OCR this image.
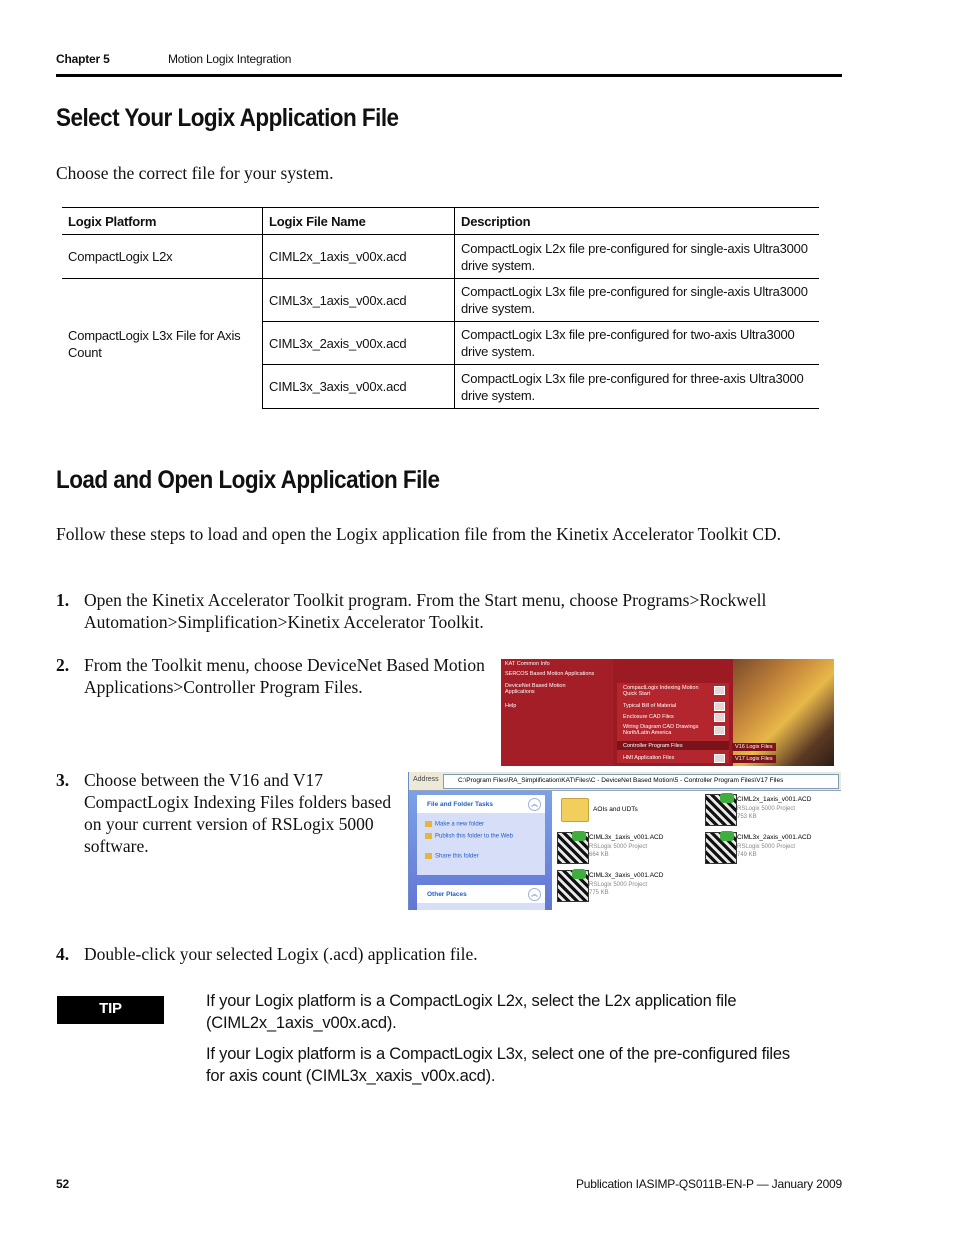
Chapter 5	Motion Logix Integration
Select Your Logix Application File

Choose the correct file for your system.

Logix Platform	Logix File Name	Description
CompactLogix L2x	CIML2x_1axis_v00x.acd	CompactLogix L2x file pre-configured for single-axis Ultra3000 drive system.
CompactLogix L3x File for Axis Count	CIML3x_1axis_v00x.acd	CompactLogix L3x file pre-configured for single-axis Ultra3000 drive system.
	CIML3x_2axis_v00x.acd	CompactLogix L3x file pre-configured for two-axis Ultra3000 drive system.
	CIML3x_3axis_v00x.acd	CompactLogix L3x file pre-configured for three-axis Ultra3000 drive system.
Load and Open Logix Application File

Follow these steps to load and open the Logix application file from the Kinetix Accelerator Toolkit CD.

1. Open the Kinetix Accelerator Toolkit program. From the Start menu, choose Programs>Rockwell Automation>Simplification>Kinetix Accelerator Toolkit.
2. From the Toolkit menu, choose DeviceNet Based Motion Applications>Controller Program Files.
3. Choose between the V16 and V17 CompactLogix Indexing Files folders based on your current version of RSLogix 5000 software.
4. Double-click your selected Logix (.acd) application file.
KAT Common Info
SERCOS Based Motion Applications
DeviceNet Based Motion Applications
Help
CompactLogix Indexing Motion Quick Start
Typical Bill of Material
Enclosure CAD Files
Wiring Diagram CAD Drawings North/Latin America
Controller Program Files
HMI Application Files
V16 Logix Files
V17 Logix Files
Address	C:\Program Files\RA_Simplification\KAT\Files\C - DeviceNet Based Motion\5 - Controller Program Files\V17 Files
File and Folder Tasks	︽
Make a new folder
Publish this folder to the Web
Share this folder
Other Places	︽
AOIs and UDTs
CIML2x_1axis_v001.ACD
RSLogix 5000 Project
753 KB
CIML3x_1axis_v001.ACD
RSLogix 5000 Project
664 KB
CIML3x_2axis_v001.ACD
RSLogix 5000 Project
749 KB
CIML3x_3axis_v001.ACD
RSLogix 5000 Project
775 KB
TIP	If your Logix platform is a CompactLogix L2x, select the L2x application file (CIML2x_1axis_v00x.acd).

If your Logix platform is a CompactLogix L3x, select one of the pre-configured files for axis count (CIML3x_xaxis_v00x.acd).

52	Publication IASIMP-QS011B-EN-P — January 2009
